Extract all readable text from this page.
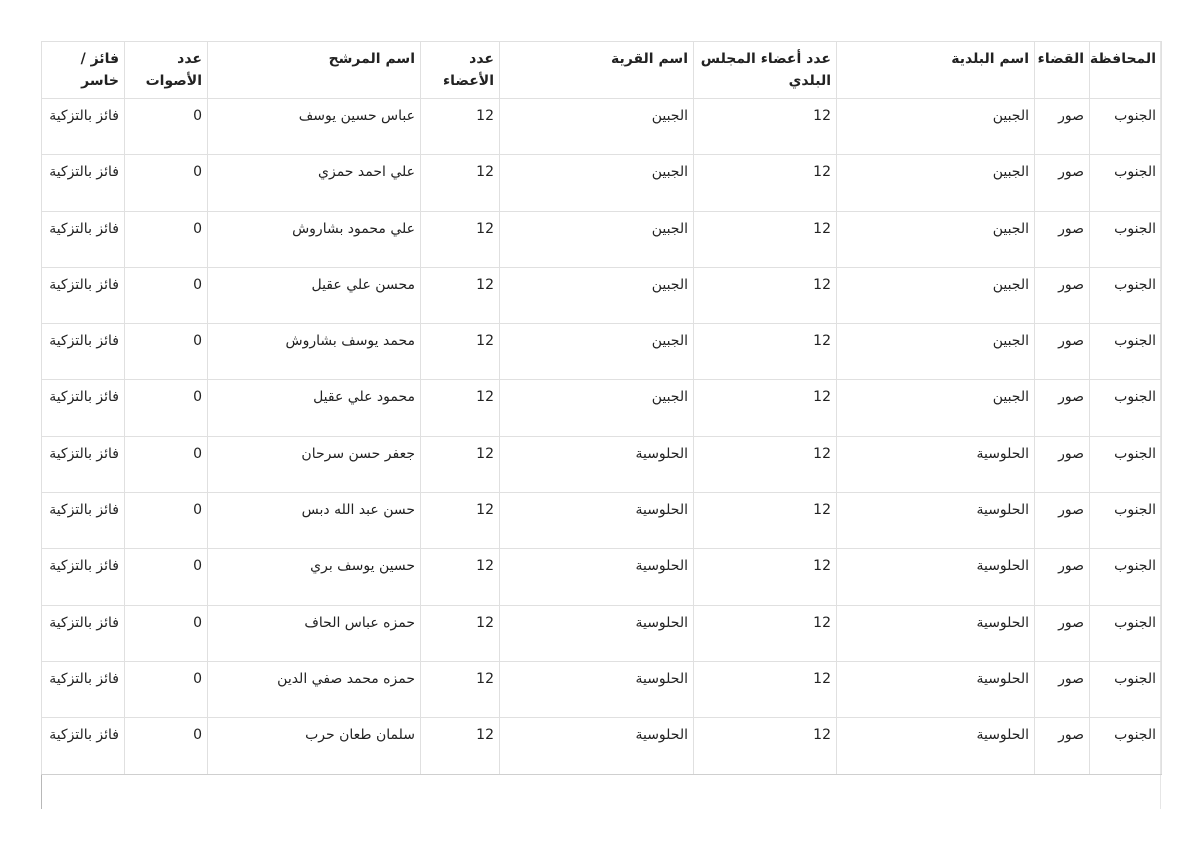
المحافظة	القضاء	اسم البلدية	عدد أعضاء المجلس البلدي	اسم القرية	عدد الأعضاء	اسم المرشح	عدد الأصوات	فائز / خاسر
الجنوب	صور	الجبين	12	الجبين	12	عباس حسين يوسف	0	فائز بالتزكية
الجنوب	صور	الجبين	12	الجبين	12	علي احمد حمزي	0	فائز بالتزكية
الجنوب	صور	الجبين	12	الجبين	12	علي محمود بشاروش	0	فائز بالتزكية
الجنوب	صور	الجبين	12	الجبين	12	محسن علي عقيل	0	فائز بالتزكية
الجنوب	صور	الجبين	12	الجبين	12	محمد يوسف بشاروش	0	فائز بالتزكية
الجنوب	صور	الجبين	12	الجبين	12	محمود علي عقيل	0	فائز بالتزكية
الجنوب	صور	الحلوسية	12	الحلوسية	12	جعفر حسن سرحان	0	فائز بالتزكية
الجنوب	صور	الحلوسية	12	الحلوسية	12	حسن عبد الله دبس	0	فائز بالتزكية
الجنوب	صور	الحلوسية	12	الحلوسية	12	حسين يوسف بري	0	فائز بالتزكية
الجنوب	صور	الحلوسية	12	الحلوسية	12	حمزه عباس الحاف	0	فائز بالتزكية
الجنوب	صور	الحلوسية	12	الحلوسية	12	حمزه محمد صفي الدين	0	فائز بالتزكية
الجنوب	صور	الحلوسية	12	الحلوسية	12	سلمان طعان حرب	0	فائز بالتزكية
